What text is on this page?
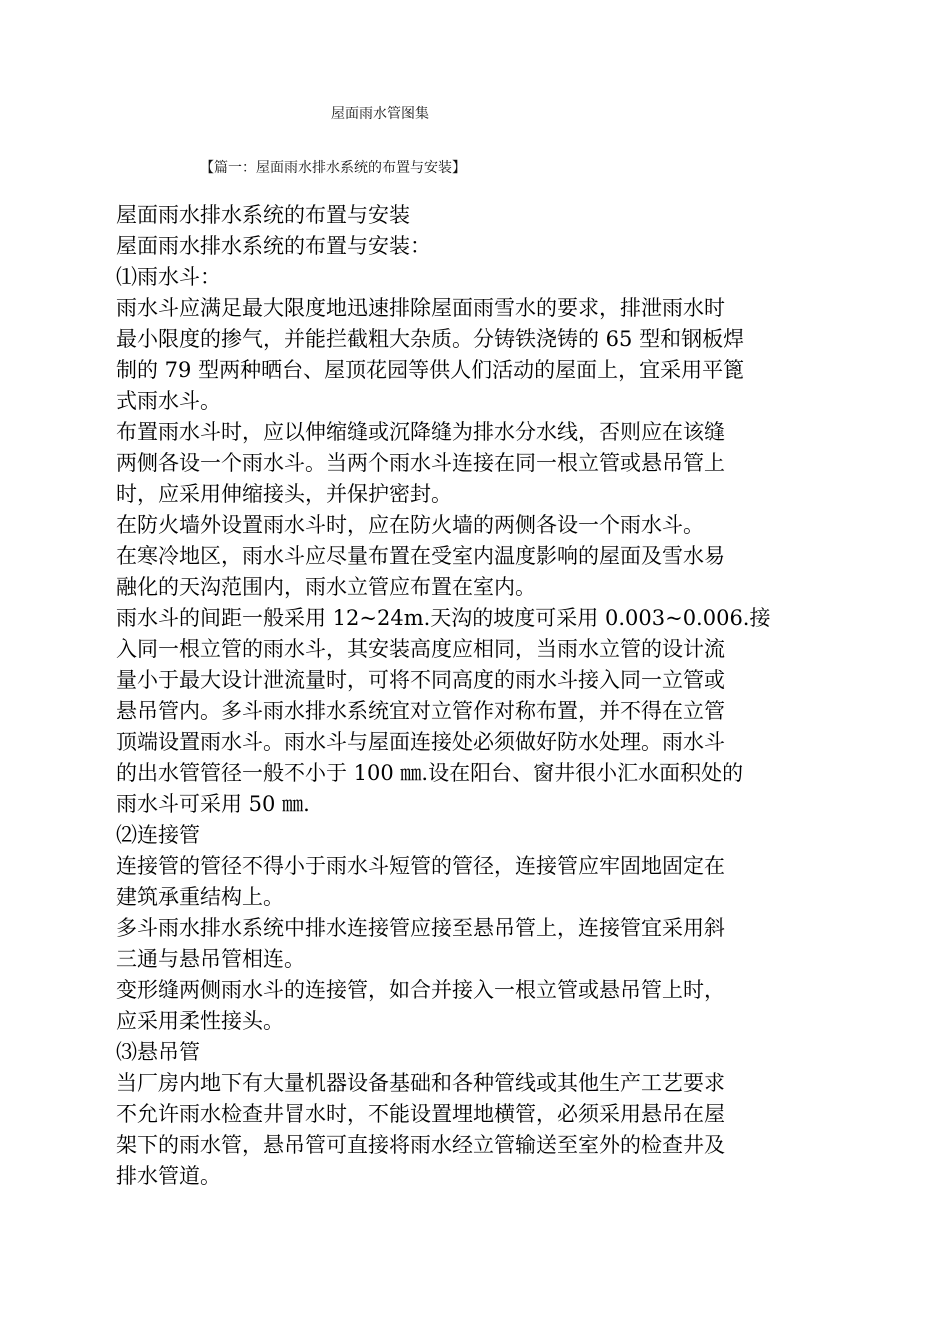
屋面雨水管图集
【篇一：屋面雨水排水系统的布置与安装】
屋面雨水排水系统的布置与安装
屋面雨水排水系统的布置与安装：
⑴雨水斗：
雨水斗应满足最大限度地迅速排除屋面雨雪水的要求，排泄雨水时
最小限度的掺气，并能拦截粗大杂质。分铸铁浇铸的 65 型和钢板焊
制的 79 型两种晒台、屋顶花园等供人们活动的屋面上，宜采用平篦
式雨水斗。
布置雨水斗时，应以伸缩缝或沉降缝为排水分水线，否则应在该缝
两侧各设一个雨水斗。当两个雨水斗连接在同一根立管或悬吊管上
时，应采用伸缩接头，并保护密封。
在防火墙外设置雨水斗时，应在防火墙的两侧各设一个雨水斗。
在寒冷地区，雨水斗应尽量布置在受室内温度影响的屋面及雪水易
融化的天沟范围内，雨水立管应布置在室内。
雨水斗的间距一般采用 12~24m.天沟的坡度可采用 0.003~0.006.接
入同一根立管的雨水斗，其安装高度应相同，当雨水立管的设计流
量小于最大设计泄流量时，可将不同高度的雨水斗接入同一立管或
悬吊管内。多斗雨水排水系统宜对立管作对称布置，并不得在立管
顶端设置雨水斗。雨水斗与屋面连接处必须做好防水处理。雨水斗
的出水管管径一般不小于 100 ㎜.设在阳台、窗井很小汇水面积处的
雨水斗可采用 50 ㎜.
⑵连接管
连接管的管径不得小于雨水斗短管的管径，连接管应牢固地固定在
建筑承重结构上。
多斗雨水排水系统中排水连接管应接至悬吊管上，连接管宜采用斜
三通与悬吊管相连。
变形缝两侧雨水斗的连接管，如合并接入一根立管或悬吊管上时，
应采用柔性接头。
⑶悬吊管
当厂房内地下有大量机器设备基础和各种管线或其他生产工艺要求
不允许雨水检查井冒水时，不能设置埋地横管，必须采用悬吊在屋
架下的雨水管，悬吊管可直接将雨水经立管输送至室外的检查井及
排水管道。
